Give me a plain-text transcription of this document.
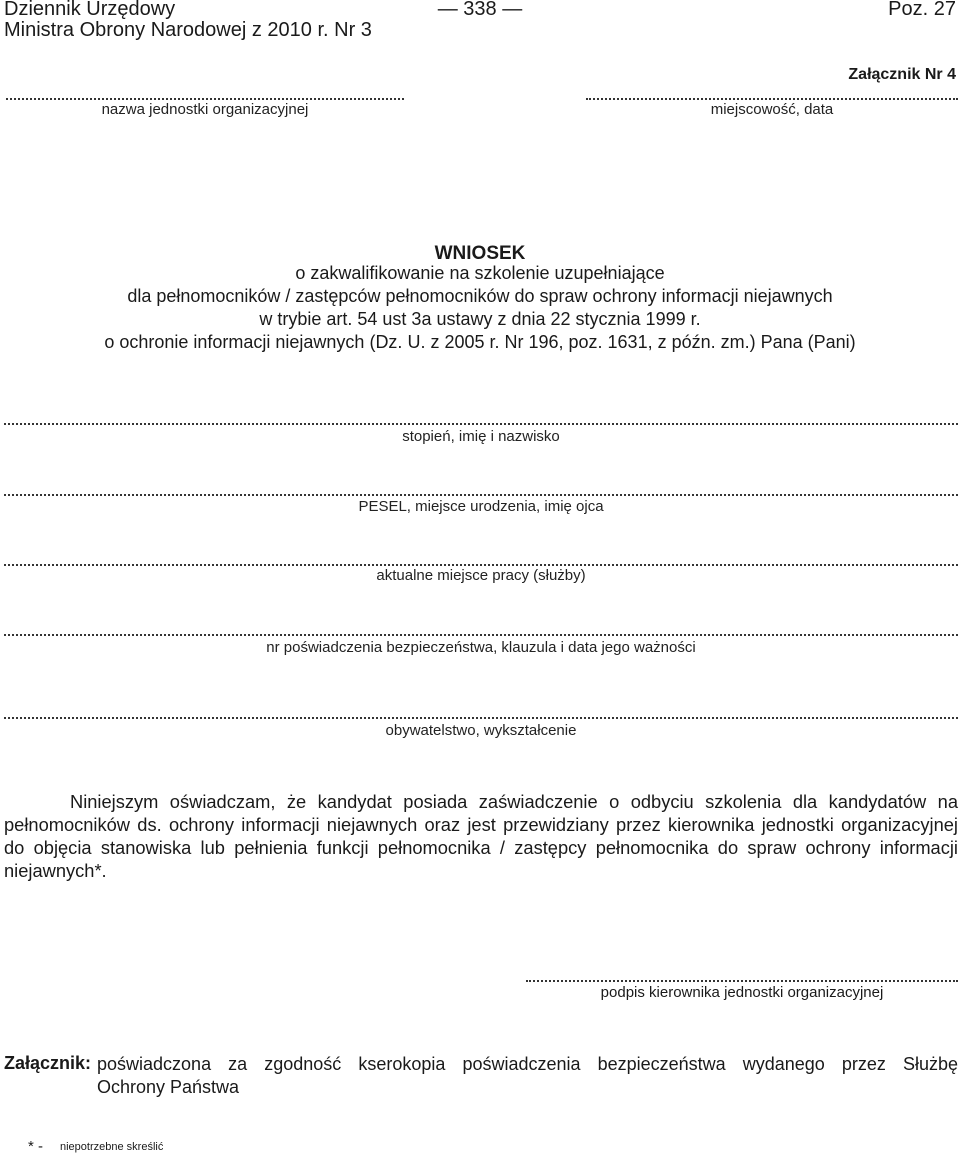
Dziennik Urzędowy
Ministra Obrony Narodowej z 2010 r. Nr 3
— 338 —	Poz. 27
Załącznik Nr 4
nazwa jednostki organizacyjnej	miejscowość, data
WNIOSEK
o zakwalifikowanie na szkolenie uzupełniające
dla pełnomocników / zastępców pełnomocników do spraw ochrony informacji niejawnych
w trybie art. 54 ust 3a ustawy z dnia 22 stycznia 1999 r.
o ochronie informacji niejawnych (Dz. U. z 2005 r. Nr 196, poz. 1631, z późn. zm.) Pana (Pani)
stopień, imię i nazwisko
PESEL, miejsce urodzenia, imię ojca
aktualne miejsce pracy (służby)
nr poświadczenia bezpieczeństwa, klauzula i data jego ważności
obywatelstwo, wykształcenie
Niniejszym oświadczam, że kandydat posiada zaświadczenie o odbyciu szkolenia dla kandydatów na pełnomocników ds. ochrony informacji niejawnych oraz jest przewidziany przez kierownika jednostki organizacyjnej do objęcia stanowiska lub pełnienia funkcji pełnomocnika / zastępcy pełnomocnika do spraw ochrony informacji niejawnych*.
podpis kierownika jednostki organizacyjnej
Załącznik: poświadczona za zgodność kserokopia poświadczenia bezpieczeństwa wydanego przez Służbę
Ochrony Państwa
* - niepotrzebne skreślić
